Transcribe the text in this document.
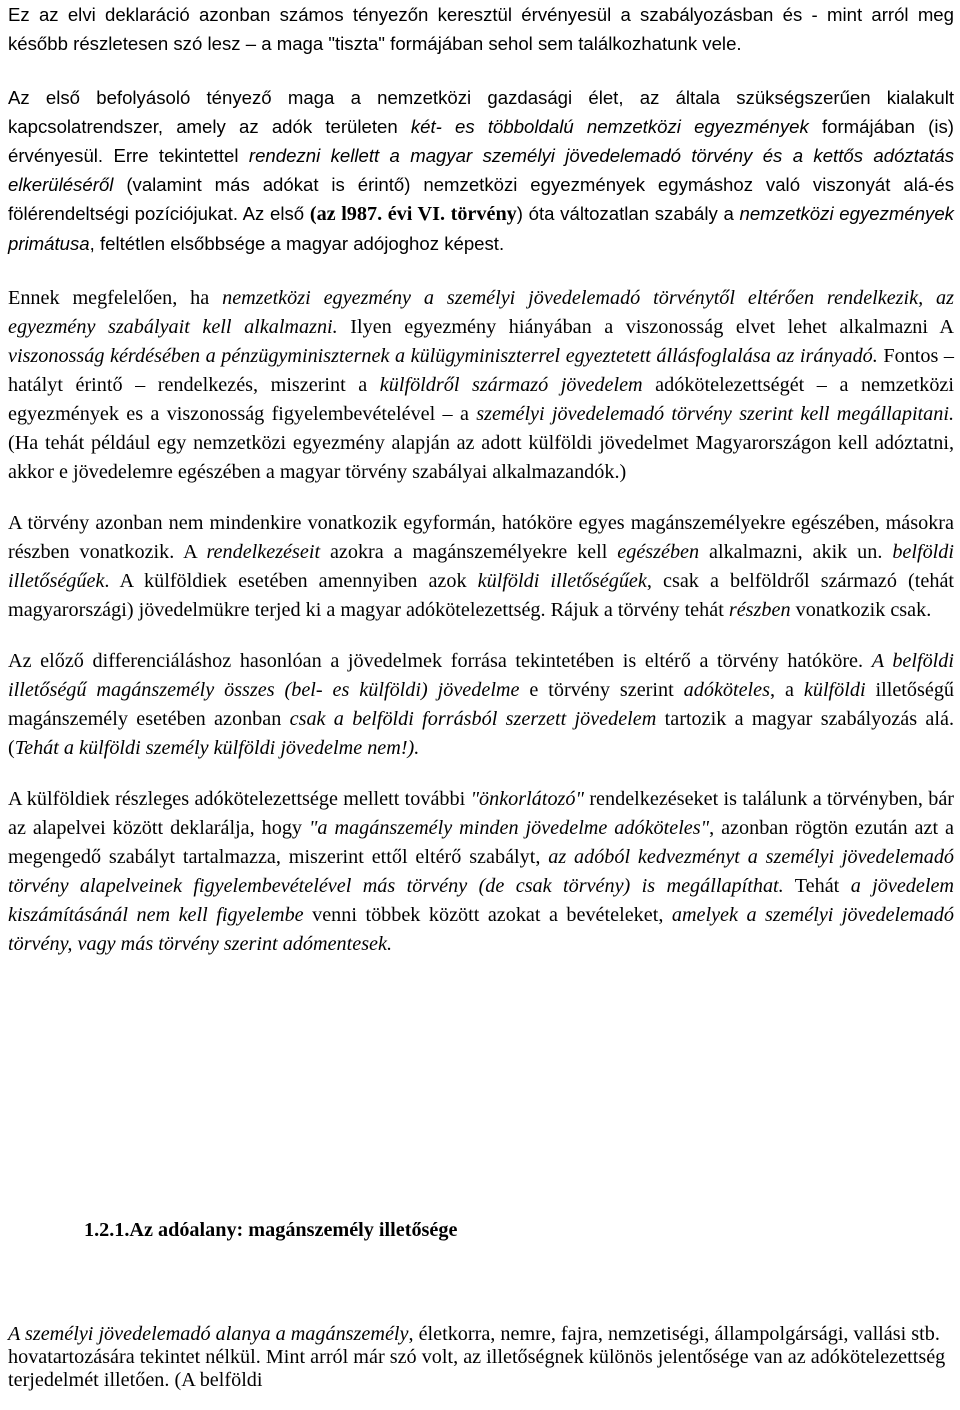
Ez az elvi deklaráció azonban számos tényezőn keresztül érvényesül a szabályozásban és - mint arról meg később részletesen szó lesz – a maga "tiszta" formájában sehol sem találkozhatunk vele.

Az első befolyásoló tényező maga a nemzetközi gazdasági élet, az általa szükségszerűen kialakult kapcsolatrendszer, amely az adók területen két- es többoldalú nemzetközi egyezmények formájában (is) érvényesül. Erre tekintettel rendezni kellett a magyar személyi jövedelemadó törvény és a kettős adóztatás elkerüléséről (valamint más adókat is érintő) nemzetközi egyezmények egymáshoz való viszonyát alá-és fölérendeltségi pozíciójukat. Az első (az l987. évi VI. törvény) óta változatlan szabály a nemzetközi egyezmények primátusa, feltétlen elsőbbsége a magyar adójoghoz képest.

Ennek megfelelően, ha nemzetközi egyezmény a személyi jövedelemadó törvénytől eltérően rendelkezik, az egyezmény szabályait kell alkalmazni. Ilyen egyezmény hiányában a viszonosság elvet lehet alkalmazni A viszonosság kérdésében a pénzügyminiszternek a külügyminiszterrel egyeztetett állásfoglalása az irányadó. Fontos – hatályt érintő – rendelkezés, miszerint a külföldről származó jövedelem adókötelezettségét – a nemzetközi egyezmények es a viszonosság figyelembevételével – a személyi jövedelemadó törvény szerint kell megállapitani. (Ha tehát például egy nemzetközi egyezmény alapján az adott külföldi jövedelmet Magyarországon kell adóztatni, akkor e jövedelemre egészében a magyar törvény szabályai alkalmazandók.)

A törvény azonban nem mindenkire vonatkozik egyformán, hatóköre egyes magánszemélyekre egészében, másokra részben vonatkozik. A rendelkezéseit azokra a magánszemélyekre kell egészében alkalmazni, akik un. belföldi illetőségűek. A külföldiek esetében amennyiben azok külföldi illetőségűek, csak a belföldről származó (tehát magyarországi) jövedelmükre terjed ki a magyar adókötelezettség. Rájuk a törvény tehát részben vonatkozik csak.

Az előző differenciáláshoz hasonlóan a jövedelmek forrása tekintetében is eltérő a törvény hatóköre. A belföldi illetőségű magánszemély összes (bel- es külföldi) jövedelme e törvény szerint adóköteles, a külföldi illetőségű magánszemély esetében azonban csak a belföldi forrásból szerzett jövedelem tartozik a magyar szabályozás alá. (Tehát a külföldi személy külföldi jövedelme nem!).

A külföldiek részleges adókötelezettsége mellett további "önkorlátozó" rendelkezéseket is találunk a törvényben, bár az alapelvei között deklarálja, hogy "a magánszemély minden jövedelme adóköteles", azonban rögtön ezután azt a megengedő szabályt tartalmazza, miszerint ettől eltérő szabályt, az adóból kedvezményt a személyi jövedelemadó törvény alapelveinek figyelembevételével más törvény (de csak törvény) is megállapíthat. Tehát a jövedelem kiszámításánál nem kell figyelembe venni többek között azokat a bevételeket, amelyek a személyi jövedelemadó törvény, vagy más törvény szerint adómentesek.

1.2.1.Az adóalany: magánszemély illetősége

A személyi jövedelemadó alanya a magánszemély, életkorra, nemre, fajra, nemzetiségi, állampolgársági, vallási stb. hovatartozására tekintet nélkül. Mint arról már szó volt, az illetőségnek különös jelentősége van az adókötelezettség terjedelmét illetően. (A belföldi
